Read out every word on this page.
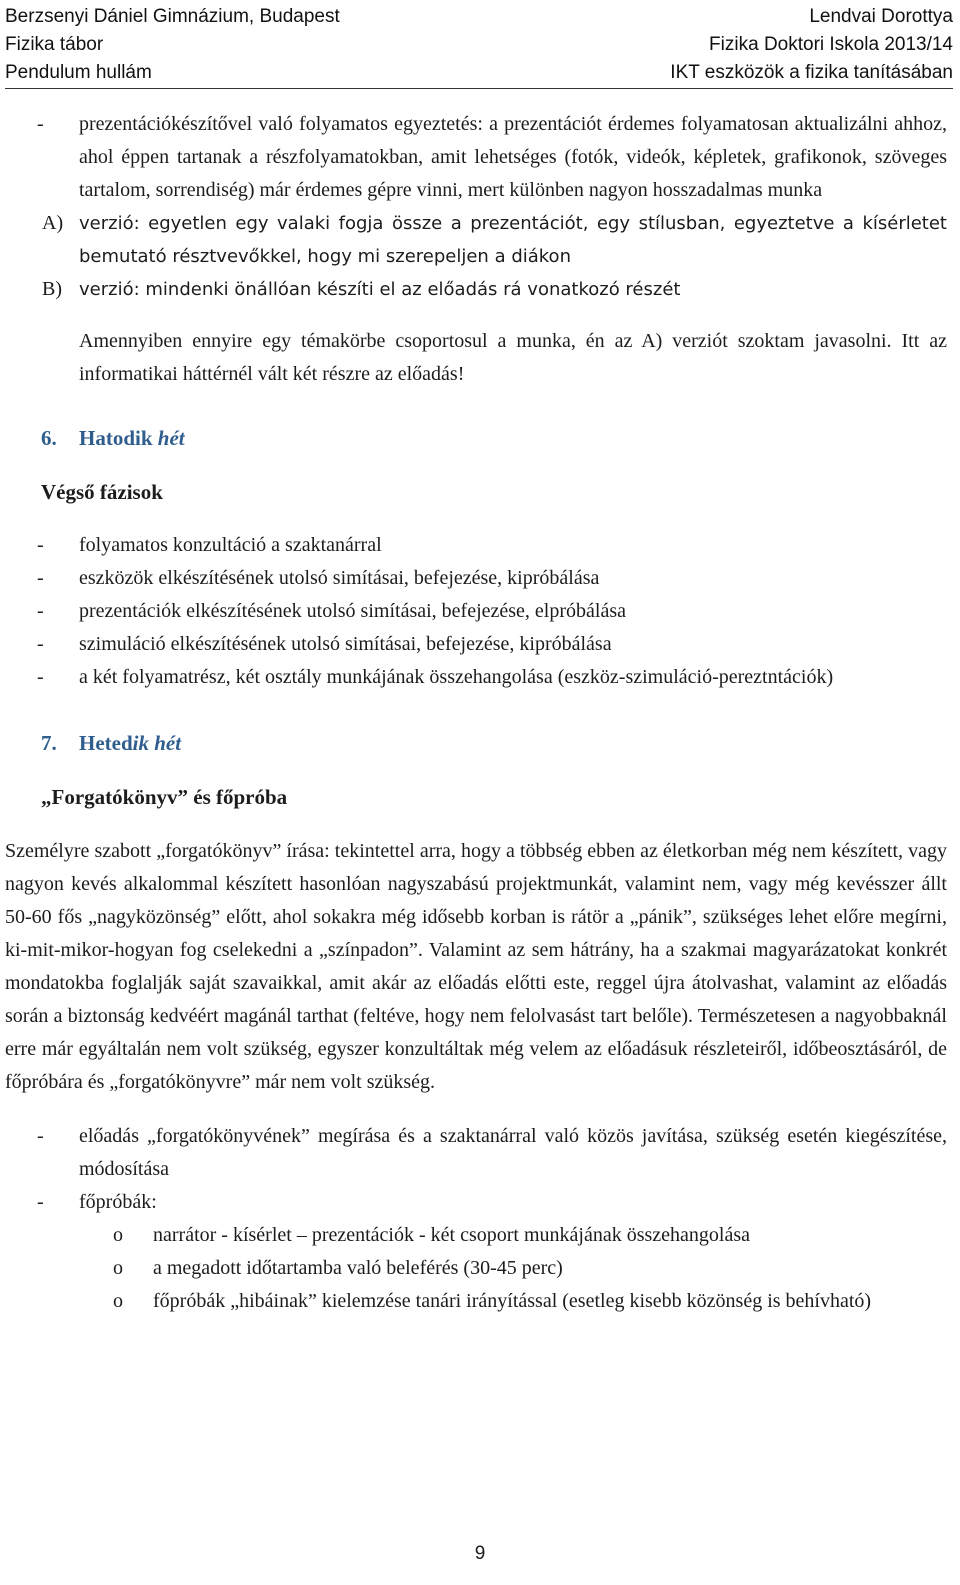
Berzsenyi Dániel Gimnázium, Budapest
Fizika tábor
Pendulum hullám
Lendvai Dorottya
Fizika Doktori Iskola 2013/14
IKT eszközök a fizika tanításában
- prezentációkészítővel való folyamatos egyeztetés: a prezentációt érdemes folyamatosan aktualizálni ahhoz, ahol éppen tartanak a részfolyamatokban, amit lehetséges (fotók, videók, képletek, grafikonok, szöveges tartalom, sorrendiség) már érdemes gépre vinni, mert különben nagyon hosszadalmas munka
A) verzió: egyetlen egy valaki fogja össze a prezentációt, egy stílusban, egyeztetve a kísérletet bemutató résztvevőkkel, hogy mi szerepeljen a diákon
B) verzió: mindenki önállóan készíti el az előadás rá vonatkozó részét
Amennyiben ennyire egy témakörbe csoportosul a munka, én az A) verziót szoktam javasolni. Itt az informatikai háttérnél vált két részre az előadás!
6. Hatodik hét
Végső fázisok
- folyamatos konzultáció a szaktanárral
- eszközök elkészítésének utolsó simításai, befejezése, kipróbálása
- prezentációk elkészítésének utolsó simításai, befejezése, elpróbálása
- szimuláció elkészítésének utolsó simításai, befejezése, kipróbálása
- a két folyamatrész, két osztály munkájának összehangolása (eszköz-szimuláció-pereztntációk)
7. Hetedik hét
„Forgatókönyv” és főpróba
Személyre szabott „forgatókönyv” írása: tekintettel arra, hogy a többség ebben az életkorban még nem készített, vagy nagyon kevés alkalommal készített hasonlóan nagyszabású projektmunkát, valamint nem, vagy még kevésszer állt 50-60 fős „nagyközönség” előtt, ahol sokakra még idősebb korban is rátör a „pánik”, szükséges lehet előre megírni, ki-mit-mikor-hogyan fog cselekedni a „színpadon”. Valamint az sem hátrány, ha a szakmai magyarázatokat konkrét mondatokba foglalják saját szavaikkal, amit akár az előadás előtti este, reggel újra átolvashat, valamint az előadás során a biztonság kedvéért magánál tarthat (feltéve, hogy nem felolvasást tart belőle). Természetesen a nagyobbaknál erre már egyáltalán nem volt szükség, egyszer konzultáltak még velem az előadásuk részleteiről, időbeosztásáról, de főpróbára és „forgatókönyvre” már nem volt szükség.
- előadás „forgatókönyvének” megírása és a szaktanárral való közös javítása, szükség esetén kiegészítése, módosítása
- főpróbák:
o narrátor - kísérlet – prezentációk - két csoport munkájának összehangolása
o a megadott időtartamba való beleférés (30-45 perc)
o főpróbák „hibáinak” kielemzése tanári irányítással (esetleg kisebb közönség is behívható)
9
